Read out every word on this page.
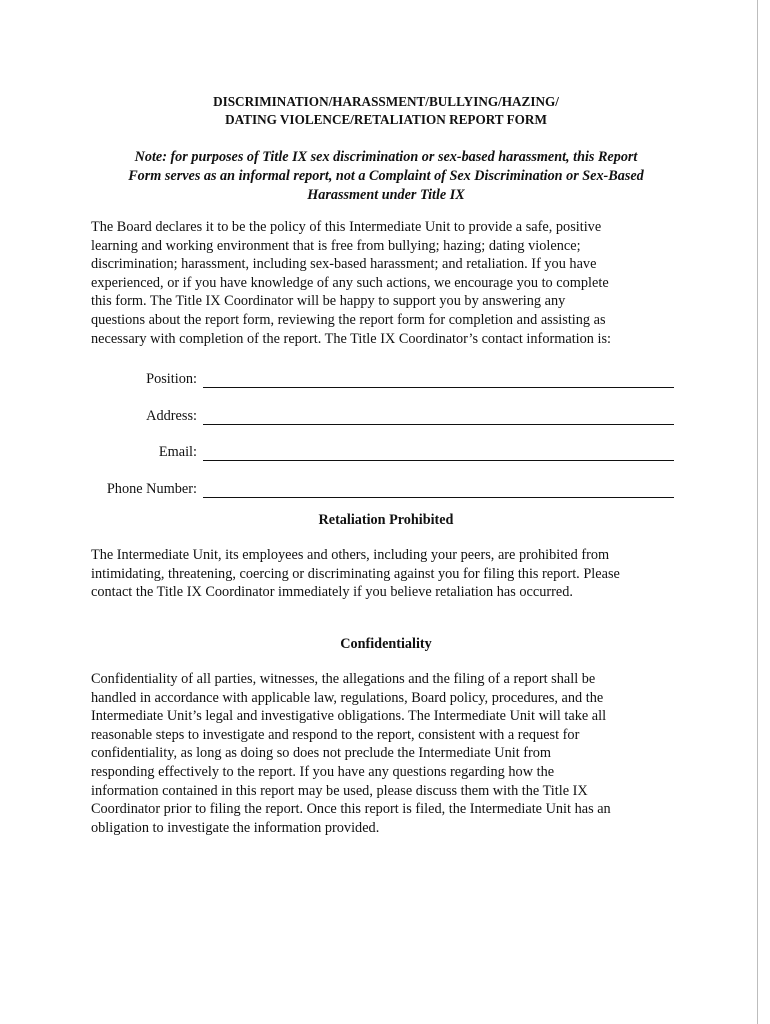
DISCRIMINATION/HARASSMENT/BULLYING/HAZING/
DATING VIOLENCE/RETALIATION REPORT FORM
Note: for purposes of Title IX sex discrimination or sex-based harassment, this Report
Form serves as an informal report, not a Complaint of Sex Discrimination or Sex-Based
Harassment under Title IX
The Board declares it to be the policy of this Intermediate Unit to provide a safe, positive
learning and working environment that is free from bullying; hazing; dating violence;
discrimination; harassment, including sex-based harassment; and retaliation. If you have
experienced, or if you have knowledge of any such actions, we encourage you to complete
this form. The Title IX Coordinator will be happy to support you by answering any
questions about the report form, reviewing the report form for completion and assisting as
necessary with completion of the report. The Title IX Coordinator’s contact information is:
Position:
Address:
Email:
Phone Number:
Retaliation Prohibited
The Intermediate Unit, its employees and others, including your peers, are prohibited from
intimidating, threatening, coercing or discriminating against you for filing this report. Please
contact the Title IX Coordinator immediately if you believe retaliation has occurred.
Confidentiality
Confidentiality of all parties, witnesses, the allegations and the filing of a report shall be
handled in accordance with applicable law, regulations, Board policy, procedures, and the
Intermediate Unit’s legal and investigative obligations. The Intermediate Unit will take all
reasonable steps to investigate and respond to the report, consistent with a request for
confidentiality, as long as doing so does not preclude the Intermediate Unit from
responding effectively to the report. If you have any questions regarding how the
information contained in this report may be used, please discuss them with the Title IX
Coordinator prior to filing the report. Once this report is filed, the Intermediate Unit has an
obligation to investigate the information provided.
